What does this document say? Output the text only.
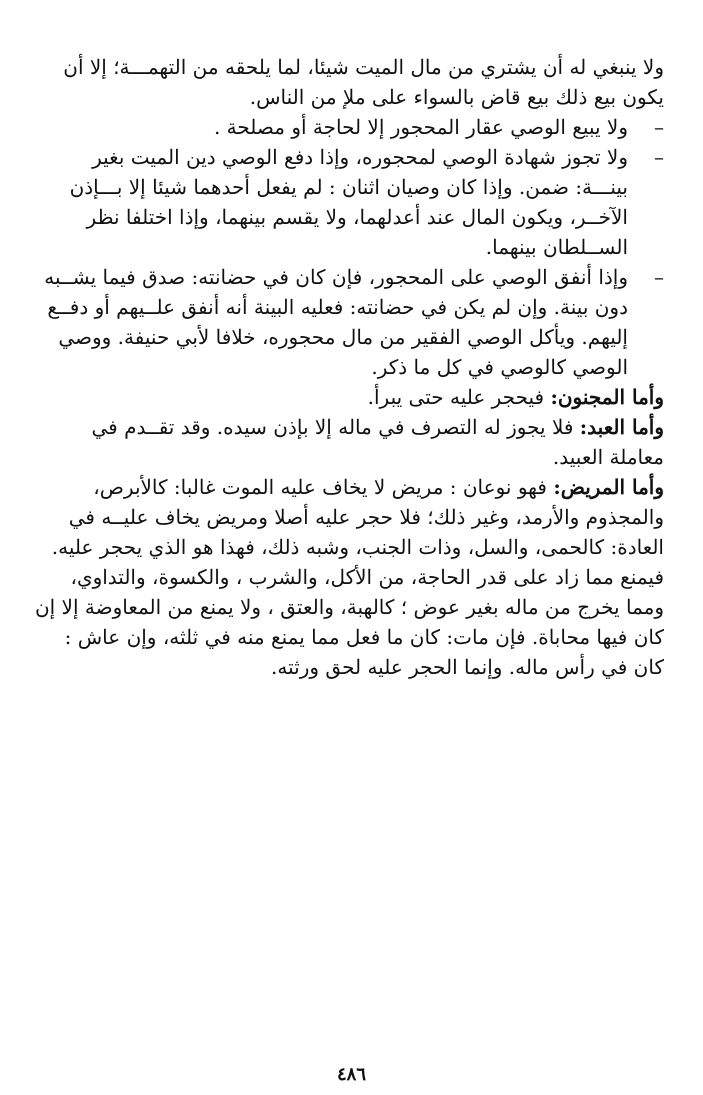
ولا ينبغي له أن يشتري من مال الميت شيئا، لما يلحقه من التهمـــة؛ إلا أن يكون بيع ذلك بيع قاض بالسواء على ملإ من الناس.

–
ولا يبيع الوصي عقار المحجور إلا لحاجة أو مصلحة .

–
ولا تجوز شهادة الوصي لمحجوره، وإذا دفع الوصي دين الميت بغير بينـــة: ضمن. وإذا كان وصيان اثنان : لم يفعل أحدهما شيئا إلا بـــإذن الآخــر، ويكون المال عند أعدلهما، ولا يقسم بينهما، وإذا اختلفا نظر الســلطان بينهما.

–
وإذا أنفق الوصي على المحجور، فإن كان في حضانته: صدق فيما يشــبه دون بينة. وإن لم يكن في حضانته: فعليه البينة أنه أنفق علــيهم أو دفــع إليهم. ويأكل الوصي الفقير من مال محجوره، خلافا لأبي حنيفة. ووصي الوصي كالوصي في كل ما ذكر.

وأما المجنون: فيحجر عليه حتى يبرأ.

وأما العبد: فلا يجوز له التصرف في ماله إلا بإذن سيده. وقد تقــدم في معاملة العبيد.

وأما المريض: فهو نوعان : مريض لا يخاف عليه الموت غالبا: كالأبرص، والمجذوم والأرمد، وغير ذلك؛ فلا حجر عليه أصلا ومريض يخاف عليــه في العادة: كالحمى، والسل، وذات الجنب، وشبه ذلك، فهذا هو الذي يحجر عليه.

فيمنع مما زاد على قدر الحاجة، من الأكل، والشرب ، والكسوة، والتداوي، ومما يخرج من ماله بغير عوض ؛ كالهبة، والعتق ، ولا يمنع من المعاوضة إلا إن كان فيها محاباة. فإن مات: كان ما فعل مما يمنع منه في ثلثه، وإن عاش : كان في رأس ماله. وإنما الحجر عليه لحق ورثته.

٤٨٦
